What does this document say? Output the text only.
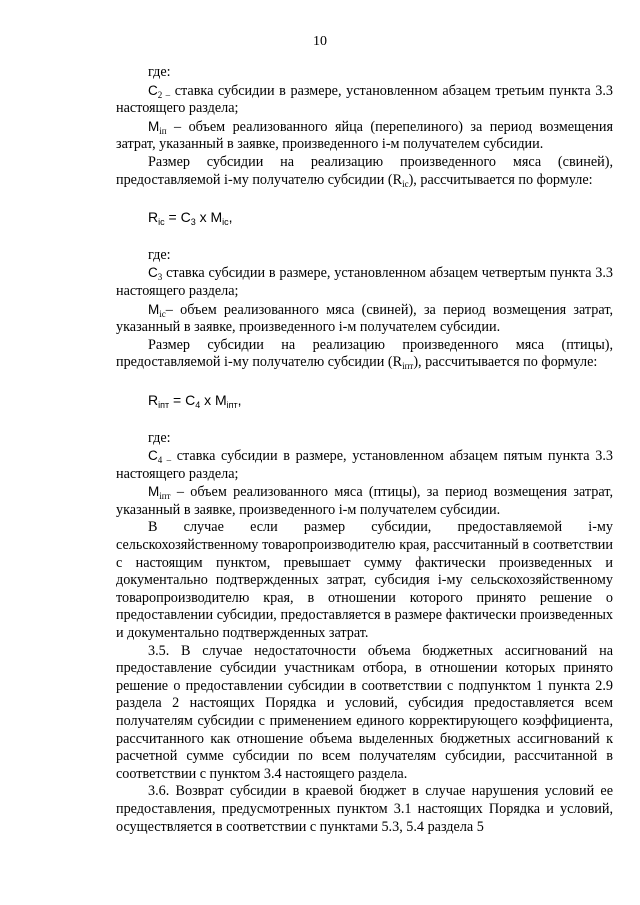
10

где:

$С_{2 -}$ ставка субсидии в размере, установленном абзацем третьим пункта 3.3 настоящего раздела;

$М_{iп}$ – объем реализованного яйца (перепелиного) за период возмещения затрат, указанный в заявке, произведенного i-м получателем субсидии.

Размер субсидии на реализацию произведенного мяса (свиней), предоставляемой i-му получателю субсидии $(R_{iс})$, рассчитывается по формуле:

$R_{iс} = С_3$ х $М_{iс}$,

где:

$С_3$ ставка субсидии в размере, установленном абзацем четвертым пункта 3.3 настоящего раздела;

$М_{iс}-$ объем реализованного мяса (свиней), за период возмещения затрат, указанный в заявке, произведенного i-м получателем субсидии.

Размер субсидии на реализацию произведенного мяса (птицы), предоставляемой i-му получателю субсидии $(R_{iпт})$, рассчитывается по формуле:

$R_{iпт} = С_4$ х $М_{iпт}$,

где:

$С_{4 -}$ ставка субсидии в размере, установленном абзацем пятым пункта 3.3 настоящего раздела;

$М_{iпт}$ – объем реализованного мяса (птицы), за период возмещения затрат, указанный в заявке, произведенного i-м получателем субсидии.

В случае если размер субсидии, предоставляемой i-му сельскохозяйственному товаропроизводителю края, рассчитанный в соответствии с настоящим пунктом, превышает сумму фактически произведенных и документально подтвержденных затрат, субсидия i-му сельскохозяйственному товаропроизводителю края, в отношении которого принято решение о предоставлении субсидии, предоставляется в размере фактически произведенных и документально подтвержденных затрат.

3.5. В случае недостаточности объема бюджетных ассигнований на предоставление субсидии участникам отбора, в отношении которых принято решение о предоставлении субсидии в соответствии с подпунктом 1 пункта 2.9 раздела 2 настоящих Порядка и условий, субсидия предоставляется всем получателям субсидии с применением единого корректирующего коэффициента, рассчитанного как отношение объема выделенных бюджетных ассигнований к расчетной сумме субсидии по всем получателям субсидии, рассчитанной в соответствии с пунктом 3.4 настоящего раздела.

3.6. Возврат субсидии в краевой бюджет в случае нарушения условий ее предоставления, предусмотренных пунктом 3.1 настоящих Порядка и условий, осуществляется в соответствии с пунктами 5.3, 5.4 раздела 5
